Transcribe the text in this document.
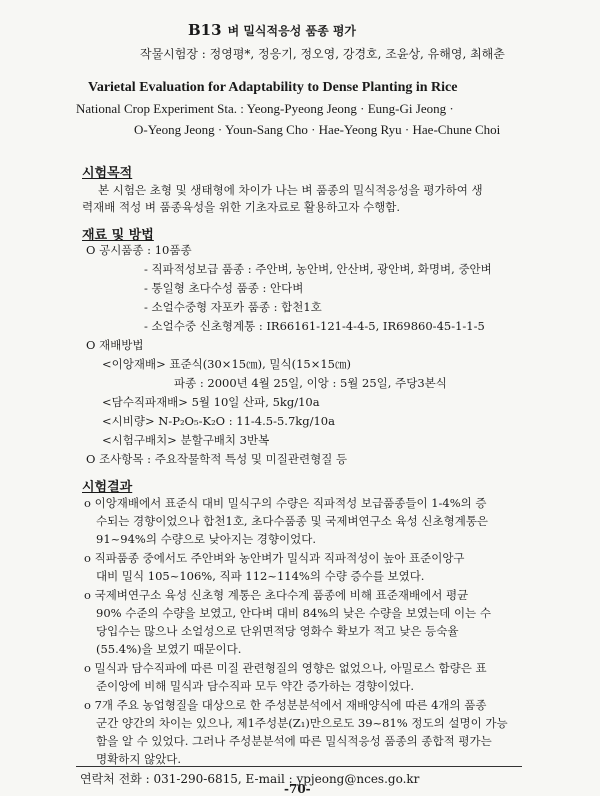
B13 벼 밀식적응성 품종 평가
작물시험장 : 정영평*, 정응기, 정오영, 강경호, 조윤상, 유해영, 최해춘
Varietal Evaluation for Adaptability to Dense Planting in Rice
National Crop Experiment Sta. : Yeong-Pyeong Jeong · Eung-Gi Jeong ·
O-Yeong Jeong · Youn-Sang Cho · Hae-Yeong Ryu · Hae-Chune Choi
시험목적
본 시험은 초형 및 생태형에 차이가 나는 벼 품종의 밀식적응성을 평가하여 생
력재배 적성 벼 품종육성을 위한 기초자료로 활용하고자 수행함.
재료 및 방법
O 공시품종 : 10품종
- 직파적성보급 품종 : 주안벼, 농안벼, 안산벼, 광안벼, 화명벼, 중안벼
- 통일형 초다수성 품종 : 안다벼
- 소얼수중형 자포카 품종 : 합천1호
- 소얼수중 신초형계통 : IR66161-121-4-4-5, IR69860-45-1-1-5
O 재배방법
<이앙재배> 표준식(30×15㎝), 밀식(15×15㎝)
파종 : 2000년 4월 25일, 이앙 : 5월 25일, 주당3본식
<담수직파재배> 5월 10일 산파, 5kg/10a
<시비량> N-P₂O₅-K₂O : 11-4.5-5.7kg/10a
<시험구배치> 분할구배치 3반복
O 조사항목 : 주요작물학적 특성 및 미질관련형질 등
시험결과
o 이앙재배에서 표준식 대비 밀식구의 수량은 직파적성 보급품종들이 1-4%의 증
수되는 경향이었으나 합천1호, 초다수품종 및 국제벼연구소 육성 신초형계통은
91~94%의 수량으로 낮아지는 경향이었다.
o 직파품종 중에서도 주안벼와 농안벼가 밀식과 직파적성이 높아 표준이앙구
대비 밀식 105~106%, 직파 112~114%의 수량 증수를 보였다.
o 국제벼연구소 육성 신초형 계통은 초다수계 품종에 비해 표준재배에서 평균
90% 수준의 수량을 보였고, 안다벼 대비 84%의 낮은 수량을 보였는데 이는 수
당입수는 많으나 소얼성으로 단위면적당 영화수 확보가 적고 낮은 등숙율
(55.4%)을 보였기 때문이다.
o 밀식과 담수직파에 따른 미질 관련형질의 영향은 없었으나, 아밀로스 함량은 표
준이앙에 비해 밀식과 담수직파 모두 약간 증가하는 경향이었다.
o 7개 주요 농업형질을 대상으로 한 주성분분석에서 재배양식에 따른 4개의 품종
군간 양간의 차이는 있으나, 제1주성분(Z₁)만으로도 39~81% 정도의 설명이 가능
함을 알 수 있었다. 그러나 주성분분석에 따른 밀식적응성 품종의 종합적 평가는
명확하지 않았다.
연락처 전화 : 031-290-6815, E-mail : ypjeong@nces.go.kr
-70-
